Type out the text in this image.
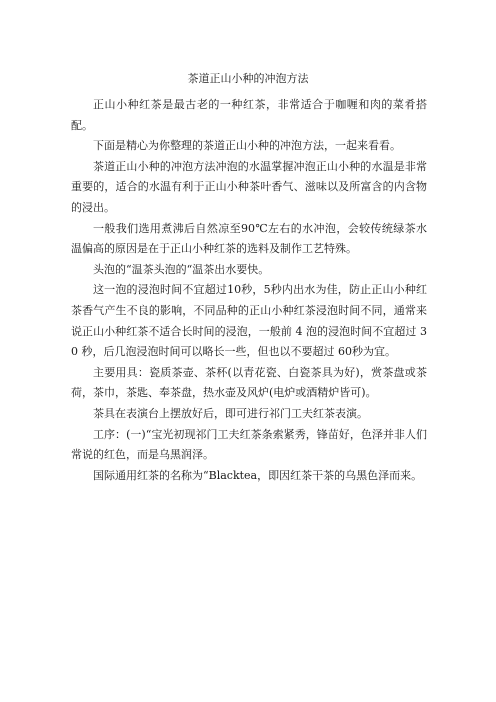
茶道正山小种的冲泡方法

正山小种红茶是最古老的一种红茶，非常适合于咖喱和肉的菜肴搭配。

下面是精心为你整理的茶道正山小种的冲泡方法，一起来看看。

茶道正山小种的冲泡方法冲泡的水温掌握冲泡正山小种的水温是非常重要的，适合的水温有利于正山小种茶叶香气、滋味以及所富含的内含物的浸出。

一般我们选用煮沸后自然凉至90℃左右的水冲泡，会较传统绿茶水温偏高的原因是在于正山小种红茶的选料及制作工艺特殊。

头泡的“温茶头泡的“温茶出水要快。

这一泡的浸泡时间不宜超过10秒，5秒内出水为佳，防止正山小种红茶香气产生不良的影响，不同品种的正山小种红茶浸泡时间不同，通常来说正山小种红茶不适合长时间的浸泡，一般前 4 泡的浸泡时间不宜超过 30 秒，后几泡浸泡时间可以略长一些，但也以不要超过 60秒为宜。

主要用具：瓷质茶壶、茶杯(以青花瓷、白瓷茶具为好)，赏茶盘或茶荷，茶巾，茶匙、奉茶盘，热水壶及风炉(电炉或酒精炉皆可)。

茶具在表演台上摆放好后，即可进行祁门工夫红茶表演。

工序：(一)“宝光初现祁门工夫红茶条索紧秀，锋苗好，色泽并非人们常说的红色，而是乌黑润泽。

国际通用红茶的名称为“Blacktea，即因红茶干茶的乌黑色泽而来。
